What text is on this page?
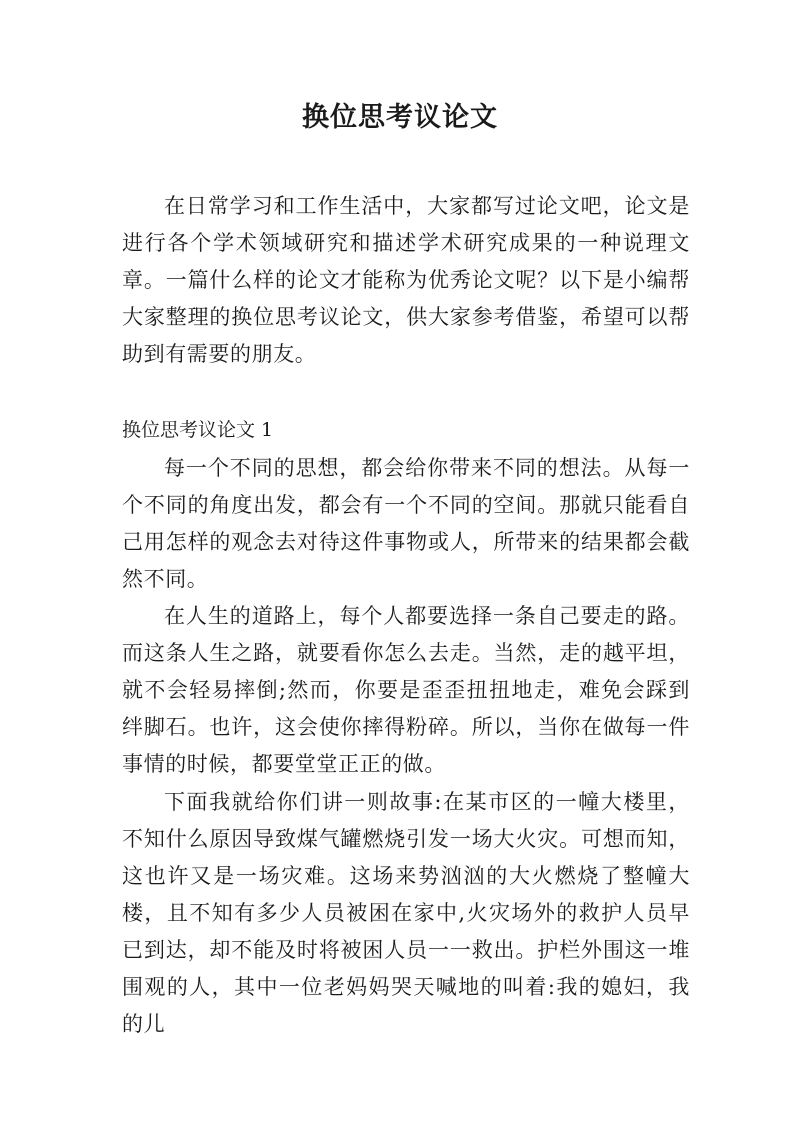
换位思考议论文

在日常学习和工作生活中，大家都写过论文吧，论文是进行各个学术领域研究和描述学术研究成果的一种说理文章。一篇什么样的论文才能称为优秀论文呢？以下是小编帮大家整理的换位思考议论文，供大家参考借鉴，希望可以帮助到有需要的朋友。

换位思考议论文 1

每一个不同的思想，都会给你带来不同的想法。从每一个不同的角度出发，都会有一个不同的空间。那就只能看自己用怎样的观念去对待这件事物或人，所带来的结果都会截然不同。

在人生的道路上，每个人都要选择一条自己要走的路。而这条人生之路，就要看你怎么去走。当然，走的越平坦，就不会轻易摔倒;然而，你要是歪歪扭扭地走，难免会踩到绊脚石。也许，这会使你摔得粉碎。所以，当你在做每一件事情的时候，都要堂堂正正的做。

下面我就给你们讲一则故事:在某市区的一幢大楼里，不知什么原因导致煤气罐燃烧引发一场大火灾。可想而知，这也许又是一场灾难。这场来势汹汹的大火燃烧了整幢大楼，且不知有多少人员被困在家中,火灾场外的救护人员早已到达，却不能及时将被困人员一一救出。护栏外围这一堆围观的人，其中一位老妈妈哭天喊地的叫着:我的媳妇，我的儿
